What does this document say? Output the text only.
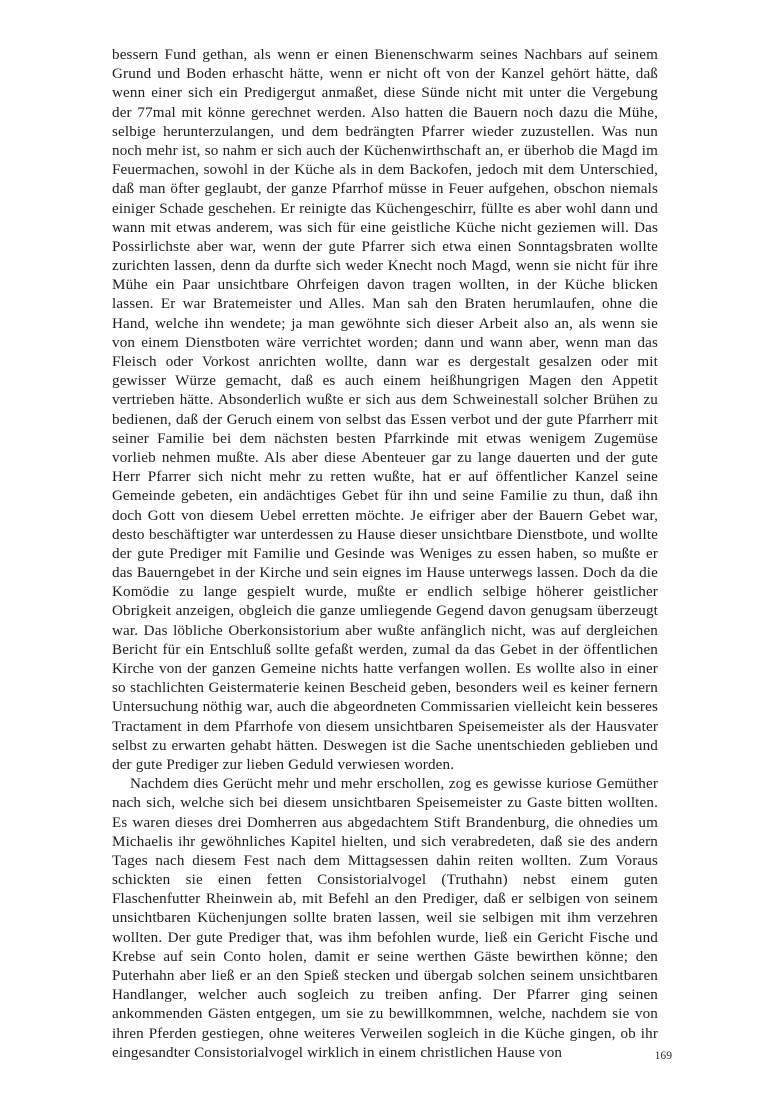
bessern Fund gethan, als wenn er einen Bienenschwarm seines Nachbars auf seinem Grund und Boden erhascht hätte, wenn er nicht oft von der Kanzel gehört hätte, daß wenn einer sich ein Predigergut anmaßet, diese Sünde nicht mit unter die Vergebung der 77mal mit könne gerechnet werden. Also hatten die Bauern noch dazu die Mühe, selbige herunterzulangen, und dem bedrängten Pfarrer wieder zuzustellen. Was nun noch mehr ist, so nahm er sich auch der Küchenwirthschaft an, er überhob die Magd im Feuermachen, sowohl in der Küche als in dem Backofen, jedoch mit dem Unterschied, daß man öfter geglaubt, der ganze Pfarrhof müsse in Feuer aufgehen, obschon niemals einiger Schade geschehen. Er reinigte das Küchengeschirr, füllte es aber wohl dann und wann mit etwas anderem, was sich für eine geistliche Küche nicht geziemen will. Das Possirlichste aber war, wenn der gute Pfarrer sich etwa einen Sonntagsbraten wollte zurichten lassen, denn da durfte sich weder Knecht noch Magd, wenn sie nicht für ihre Mühe ein Paar unsichtbare Ohrfeigen davon tragen wollten, in der Küche blicken lassen. Er war Bratemeister und Alles. Man sah den Braten herumlaufen, ohne die Hand, welche ihn wendete; ja man gewöhnte sich dieser Arbeit also an, als wenn sie von einem Dienstboten wäre verrichtet worden; dann und wann aber, wenn man das Fleisch oder Vorkost anrichten wollte, dann war es dergestalt gesalzen oder mit gewisser Würze gemacht, daß es auch einem heißhungrigen Magen den Appetit vertrieben hätte. Absonderlich wußte er sich aus dem Schweinestall solcher Brühen zu bedienen, daß der Geruch einem von selbst das Essen verbot und der gute Pfarrherr mit seiner Familie bei dem nächsten besten Pfarrkinde mit etwas wenigem Zugemüse vorlieb nehmen mußte. Als aber diese Abenteuer gar zu lange dauerten und der gute Herr Pfarrer sich nicht mehr zu retten wußte, hat er auf öffentlicher Kanzel seine Gemeinde gebeten, ein andächtiges Gebet für ihn und seine Familie zu thun, daß ihn doch Gott von diesem Uebel erretten möchte. Je eifriger aber der Bauern Gebet war, desto beschäftigter war unterdessen zu Hause dieser unsichtbare Dienstbote, und wollte der gute Prediger mit Familie und Gesinde was Weniges zu essen haben, so mußte er das Bauerngebet in der Kirche und sein eignes im Hause unterwegs lassen. Doch da die Komödie zu lange gespielt wurde, mußte er endlich selbige höherer geistlicher Obrigkeit anzeigen, obgleich die ganze umliegende Gegend davon genugsam überzeugt war. Das löbliche Oberkonsistorium aber wußte anfänglich nicht, was auf dergleichen Bericht für ein Entschluß sollte gefaßt werden, zumal da das Gebet in der öffentlichen Kirche von der ganzen Gemeine nichts hatte verfangen wollen. Es wollte also in einer so stachlichten Geistermaterie keinen Bescheid geben, besonders weil es keiner fernern Untersuchung nöthig war, auch die abgeordneten Commissarien vielleicht kein besseres Tractament in dem Pfarrhofe von diesem unsichtbaren Speisemeister als der Hausvater selbst zu erwarten gehabt hätten. Deswegen ist die Sache unentschieden geblieben und der gute Prediger zur lieben Geduld verwiesen worden.

Nachdem dies Gerücht mehr und mehr erschollen, zog es gewisse kuriose Gemüther nach sich, welche sich bei diesem unsichtbaren Speisemeister zu Gaste bitten wollten. Es waren dieses drei Domherren aus abgedachtem Stift Brandenburg, die ohnedies um Michaelis ihr gewöhnliches Kapitel hielten, und sich verabredeten, daß sie des andern Tages nach diesem Fest nach dem Mittagsessen dahin reiten wollten. Zum Voraus schickten sie einen fetten Consistorialvogel (Truthahn) nebst einem guten Flaschenfutter Rheinwein ab, mit Befehl an den Prediger, daß er selbigen von seinem unsichtbaren Küchenjungen sollte braten lassen, weil sie selbigen mit ihm verzehren wollten. Der gute Prediger that, was ihm befohlen wurde, ließ ein Gericht Fische und Krebse auf sein Conto holen, damit er seine werthen Gäste bewirthen könne; den Puterhahn aber ließ er an den Spieß stecken und übergab solchen seinem unsichtbaren Handlanger, welcher auch sogleich zu treiben anfing. Der Pfarrer ging seinen ankommenden Gästen entgegen, um sie zu bewillkommnen, welche, nachdem sie von ihren Pferden gestiegen, ohne weiteres Verweilen sogleich in die Küche gingen, ob ihr eingesandter Consistorialvogel wirklich in einem christlichen Hause von	169
